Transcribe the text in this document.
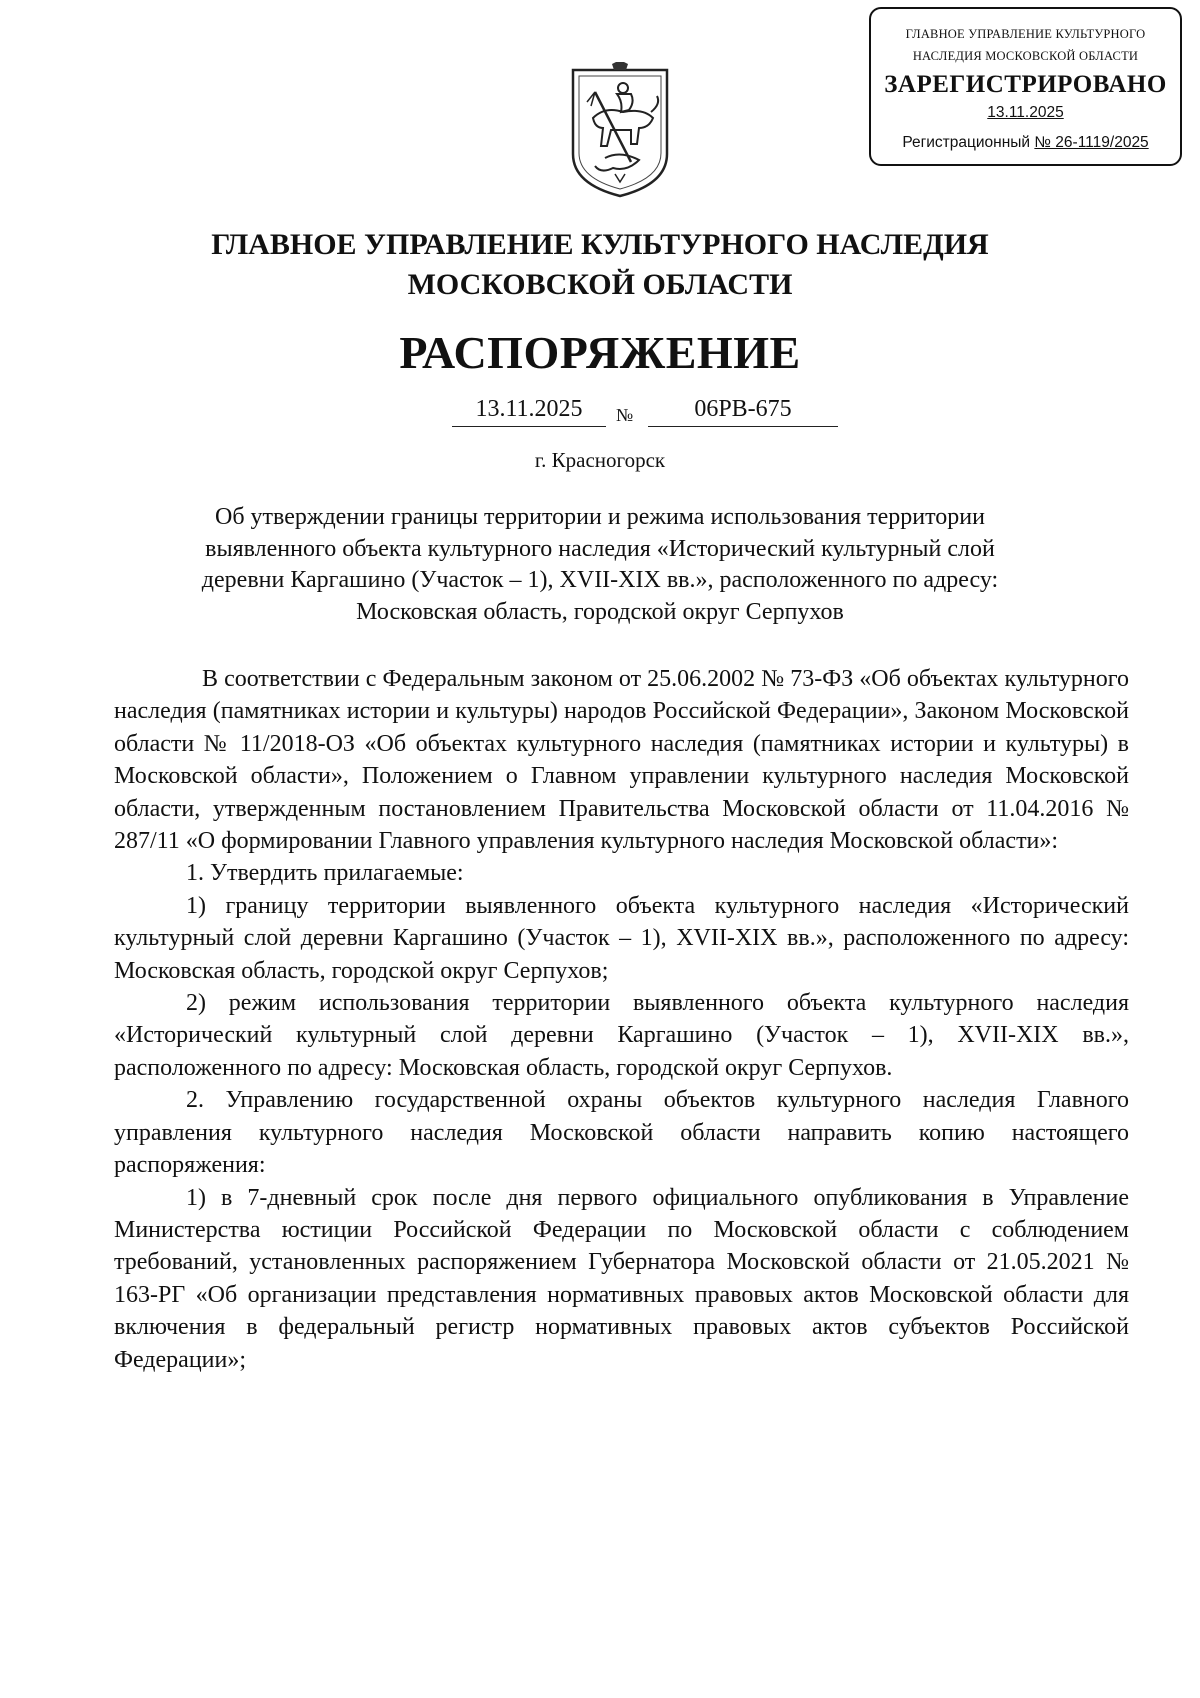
ГЛАВНОЕ УПРАВЛЕНИЕ КУЛЬТУРНОГО
НАСЛЕДИЯ МОСКОВСКОЙ ОБЛАСТИ
ЗАРЕГИСТРИРОВАНО
13.11.2025
Регистрационный № 26-1119/2025
ГЛАВНОЕ УПРАВЛЕНИЕ КУЛЬТУРНОГО НАСЛЕДИЯ
МОСКОВСКОЙ ОБЛАСТИ
РАСПОРЯЖЕНИЕ
13.11.2025	№	06РВ-675
г. Красногорск
Об утверждении границы территории и режима использования территории
выявленного объекта культурного наследия «Исторический культурный слой
деревни Каргашино (Участок – 1), XVII-XIX вв.», расположенного по адресу:
Московская область, городской округ Серпухов

В соответствии с Федеральным законом от 25.06.2002 № 73-ФЗ «Об объектах культурного наследия (памятниках истории и культуры) народов Российской Федерации», Законом Московской области № 11/2018-ОЗ «Об объектах культурного наследия (памятниках истории и культуры) в Московской области», Положением о Главном управлении культурного наследия Московской области, утвержденным постановлением Правительства Московской области от 11.04.2016 № 287/11 «О формировании Главного управления культурного наследия Московской области»:

1. Утвердить прилагаемые:

1) границу территории выявленного объекта культурного наследия «Исторический культурный слой деревни Каргашино (Участок – 1), XVII-XIX вв.», расположенного по адресу: Московская область, городской округ Серпухов;

2) режим использования территории выявленного объекта культурного наследия «Исторический культурный слой деревни Каргашино (Участок – 1), XVII-XIX вв.», расположенного по адресу: Московская область, городской округ Серпухов.

2. Управлению государственной охраны объектов культурного наследия Главного управления культурного наследия Московской области направить копию настоящего распоряжения:

1) в 7-дневный срок после дня первого официального опубликования в Управление Министерства юстиции Российской Федерации по Московской области с соблюдением требований, установленных распоряжением Губернатора Московской области от 21.05.2021 № 163-РГ «Об организации представления нормативных правовых актов Московской области для включения в федеральный регистр нормативных правовых актов субъектов Российской Федерации»;
